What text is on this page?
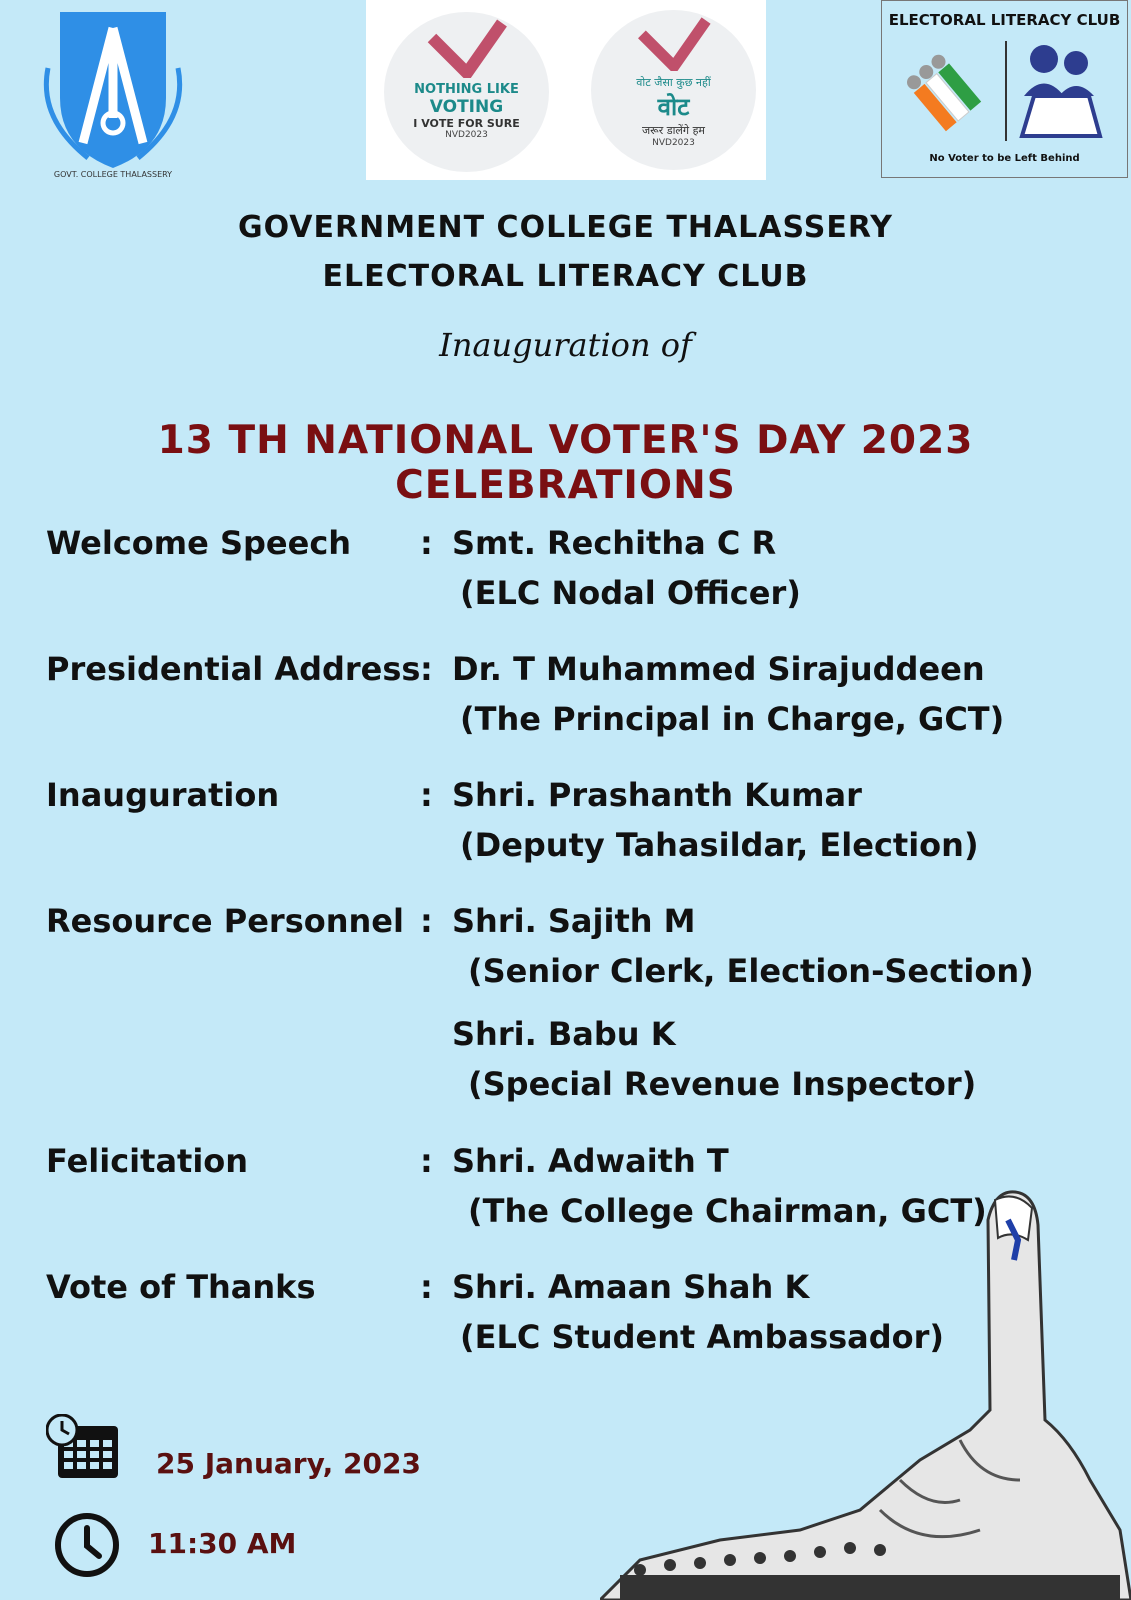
GOVT. COLLEGE THALASSERY
NOTHING LIKE
VOTING
I VOTE FOR SURE
NVD2023
वोट जैसा कुछ नहीं
वोट
जरूर डालेंगे हम
NVD2023
ELECTORAL LITERACY CLUB
No Voter to be Left Behind
GOVERNMENT COLLEGE THALASSERY
ELECTORAL LITERACY CLUB
Inauguration of
13 TH NATIONAL VOTER'S DAY 2023 CELEBRATIONS
Welcome Speech : Smt. Rechitha C R
(ELC Nodal Officer)
Presidential Address : Dr. T Muhammed Sirajuddeen
(The Principal in Charge, GCT)
Inauguration	: Shri. Prashanth Kumar
(Deputy Tahasildar, Election)
Resource Personnel : Shri. Sajith M
(Senior Clerk, Election-Section)
Shri. Babu K
(Special Revenue Inspector)
Felicitation	: Shri. Adwaith T
(The College Chairman, GCT)
Vote of Thanks	: Shri. Amaan Shah K
(ELC Student Ambassador)
25 January, 2023
11:30 AM
